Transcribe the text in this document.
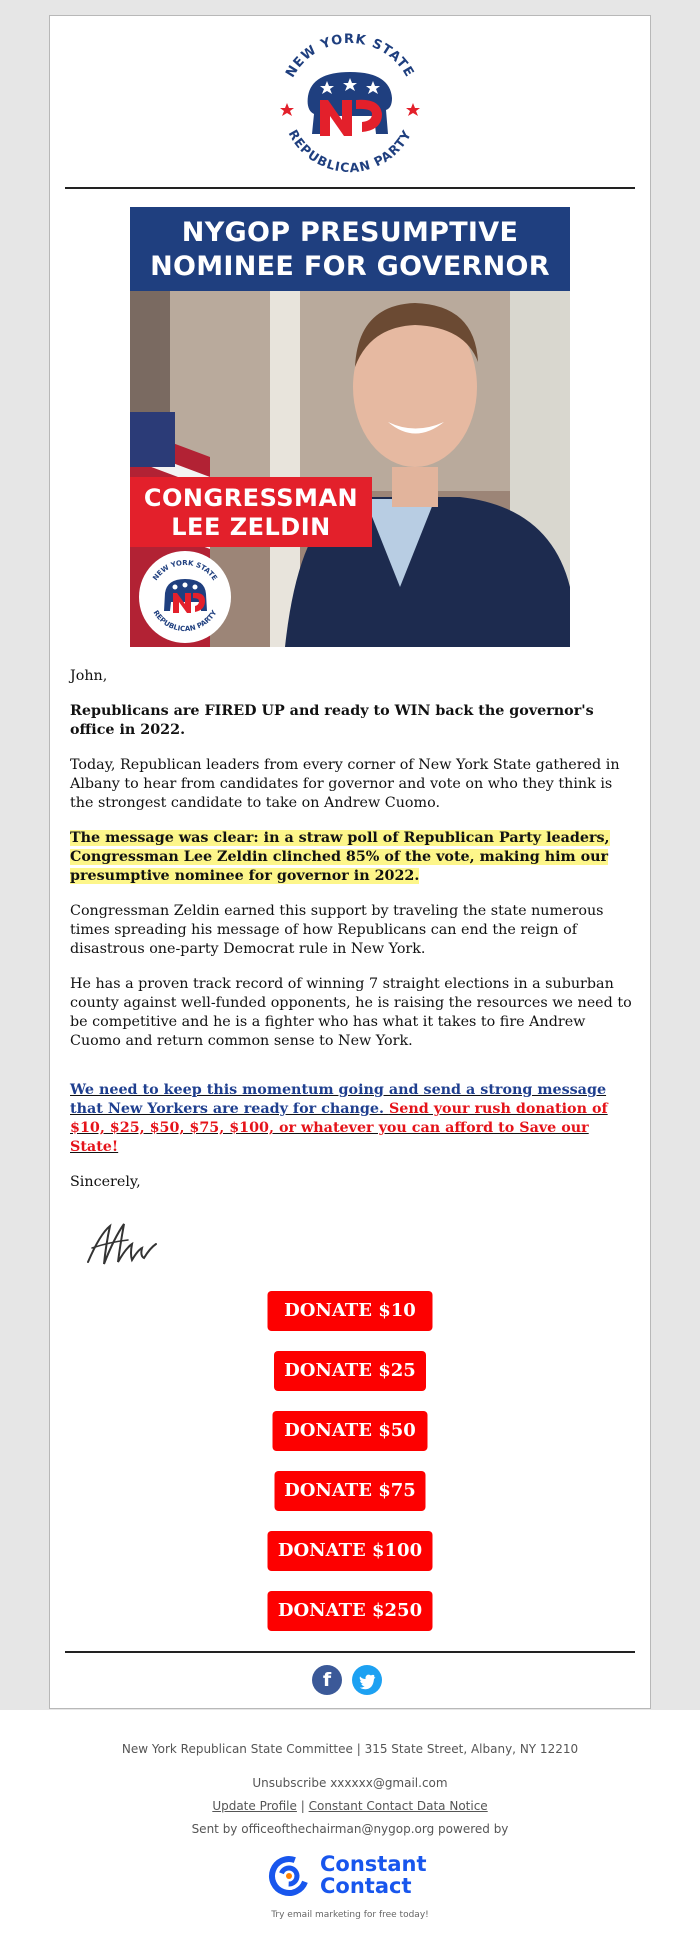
NEW YORK STATE
REPUBLICAN PARTY
NYGOP PRESUMPTIVE
NOMINEE FOR GOVERNOR
CONGRESSMAN
LEE ZELDIN
NEW YORK STATE
REPUBLICAN PARTY

John,

Republicans are FIRED UP and ready to WIN back the governor's office in 2022.

Today, Republican leaders from every corner of New York State gathered in Albany to hear from candidates for governor and vote on who they think is the strongest candidate to take on Andrew Cuomo.

The message was clear: in a straw poll of Republican Party leaders, Congressman Lee Zeldin clinched 85% of the vote, making him our presumptive nominee for governor in 2022.

Congressman Zeldin earned this support by traveling the state numerous times spreading his message of how Republicans can end the reign of disastrous one-party Democrat rule in New York.

He has a proven track record of winning 7 straight elections in a suburban county against well-funded opponents, he is raising the resources we need to be competitive and he is a fighter who has what it takes to fire Andrew Cuomo and return common sense to New York.

We need to keep this momentum going and send a strong message that New Yorkers are ready for change. Send your rush donation of $10, $25, $50, $75, $100, or whatever you can afford to Save our State!

Sincerely,

DONATE $10
DONATE $25
DONATE $50
DONATE $75
DONATE $100
DONATE $250
f
New York Republican State Committee | 315 State Street, Albany, NY 12210
Unsubscribe xxxxxx@gmail.com
Update Profile | Constant Contact Data Notice
Sent by officeofthechairman@nygop.org powered by
Constant
Contact
Try email marketing for free today!
